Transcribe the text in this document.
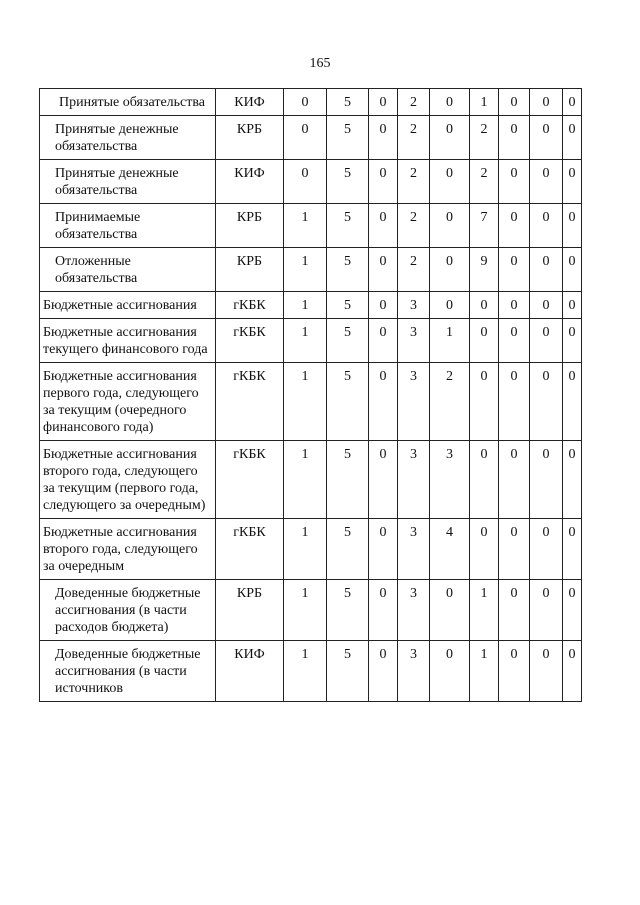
165
Принятые обязательства	КИФ	0	5	0	2	0	1	0	0	0
Принятые денежные обязательства	КРБ	0	5	0	2	0	2	0	0	0
Принятые денежные обязательства	КИФ	0	5	0	2	0	2	0	0	0
Принимаемые обязательства	КРБ	1	5	0	2	0	7	0	0	0
Отложенные обязательства	КРБ	1	5	0	2	0	9	0	0	0
Бюджетные ассигнования	гКБК	1	5	0	3	0	0	0	0	0
Бюджетные ассигнования текущего финансового года	гКБК	1	5	0	3	1	0	0	0	0
Бюджетные ассигнования первого года, следующего за текущим (очередного финансового года)	гКБК	1	5	0	3	2	0	0	0	0
Бюджетные ассигнования второго года, следующего за текущим (первого года, следующего за очередным)	гКБК	1	5	0	3	3	0	0	0	0
Бюджетные ассигнования второго года, следующего за очередным	гКБК	1	5	0	3	4	0	0	0	0
Доведенные бюджетные ассигнования (в части расходов бюджета)	КРБ	1	5	0	3	0	1	0	0	0
Доведенные бюджетные ассигнования (в части источников	КИФ	1	5	0	3	0	1	0	0	0
